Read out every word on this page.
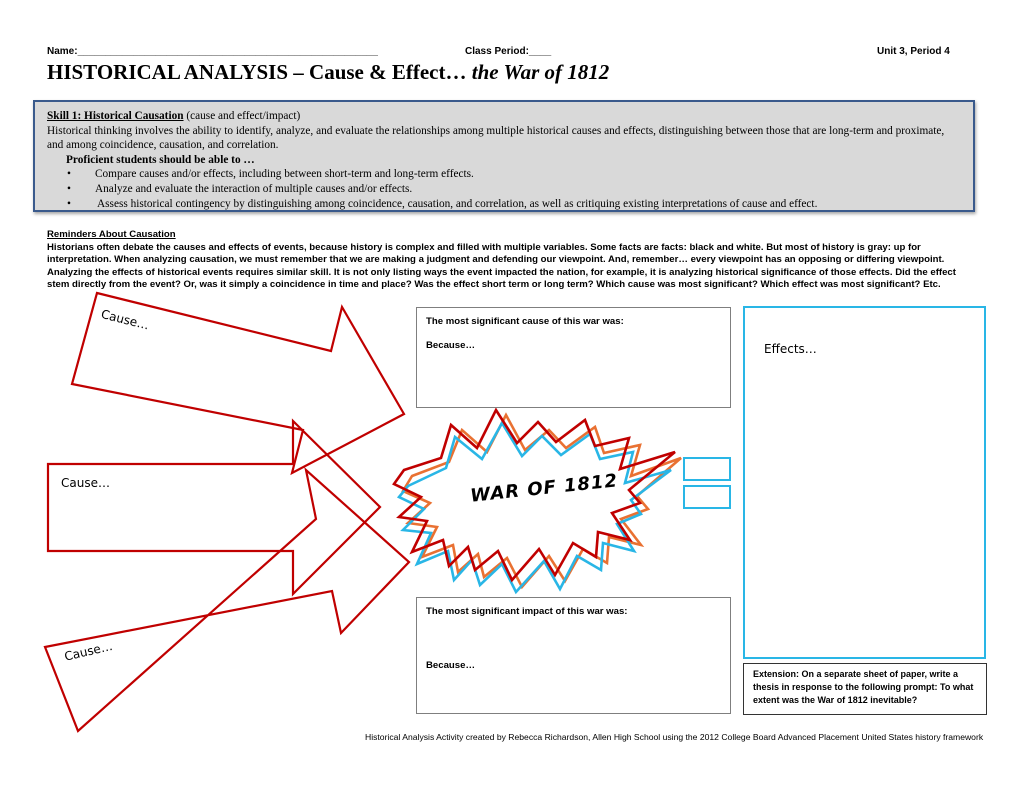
Name:______________________________________________________	Class Period:____	Unit 3, Period 4
HISTORICAL ANALYSIS – Cause & Effect… the War of 1812
Skill 1: Historical Causation (cause and effect/impact)
Historical thinking involves the ability to identify, analyze, and evaluate the relationships among multiple historical causes and effects, distinguishing between those that are long-term and proximate, and among coincidence, causation, and correlation.
Proficient students should be able to …
• Compare causes and/or effects, including between short-term and long-term effects.
• Analyze and evaluate the interaction of multiple causes and/or effects.
• Assess historical contingency by distinguishing among coincidence, causation, and correlation, as well as critiquing existing interpretations of cause and effect.
Reminders About Causation
Historians often debate the causes and effects of events, because history is complex and filled with multiple variables. Some facts are facts: black and white. But most of history is gray: up for interpretation. When analyzing causation, we must remember that we are making a judgment and defending our viewpoint. And, remember… every viewpoint has an opposing or differing viewpoint. Analyzing the effects of historical events requires similar skill. It is not only listing ways the event impacted the nation, for example, it is analyzing historical significance of those effects. Did the effect stem directly from the event? Or, was it simply a coincidence in time and place? Was the effect short term or long term? Which cause was most significant? Which effect was most significant? Etc.
Cause…
Cause…
Cause…
WAR OF 1812
The most significant cause of this war was:
Because…
The most significant impact of this war was:
Because…
Effects…
Extension: On a separate sheet of paper, write a thesis in response to the following prompt: To what extent was the War of 1812 inevitable?
Historical Analysis Activity created by Rebecca Richardson, Allen High School using the 2012 College Board Advanced Placement United States history framework
